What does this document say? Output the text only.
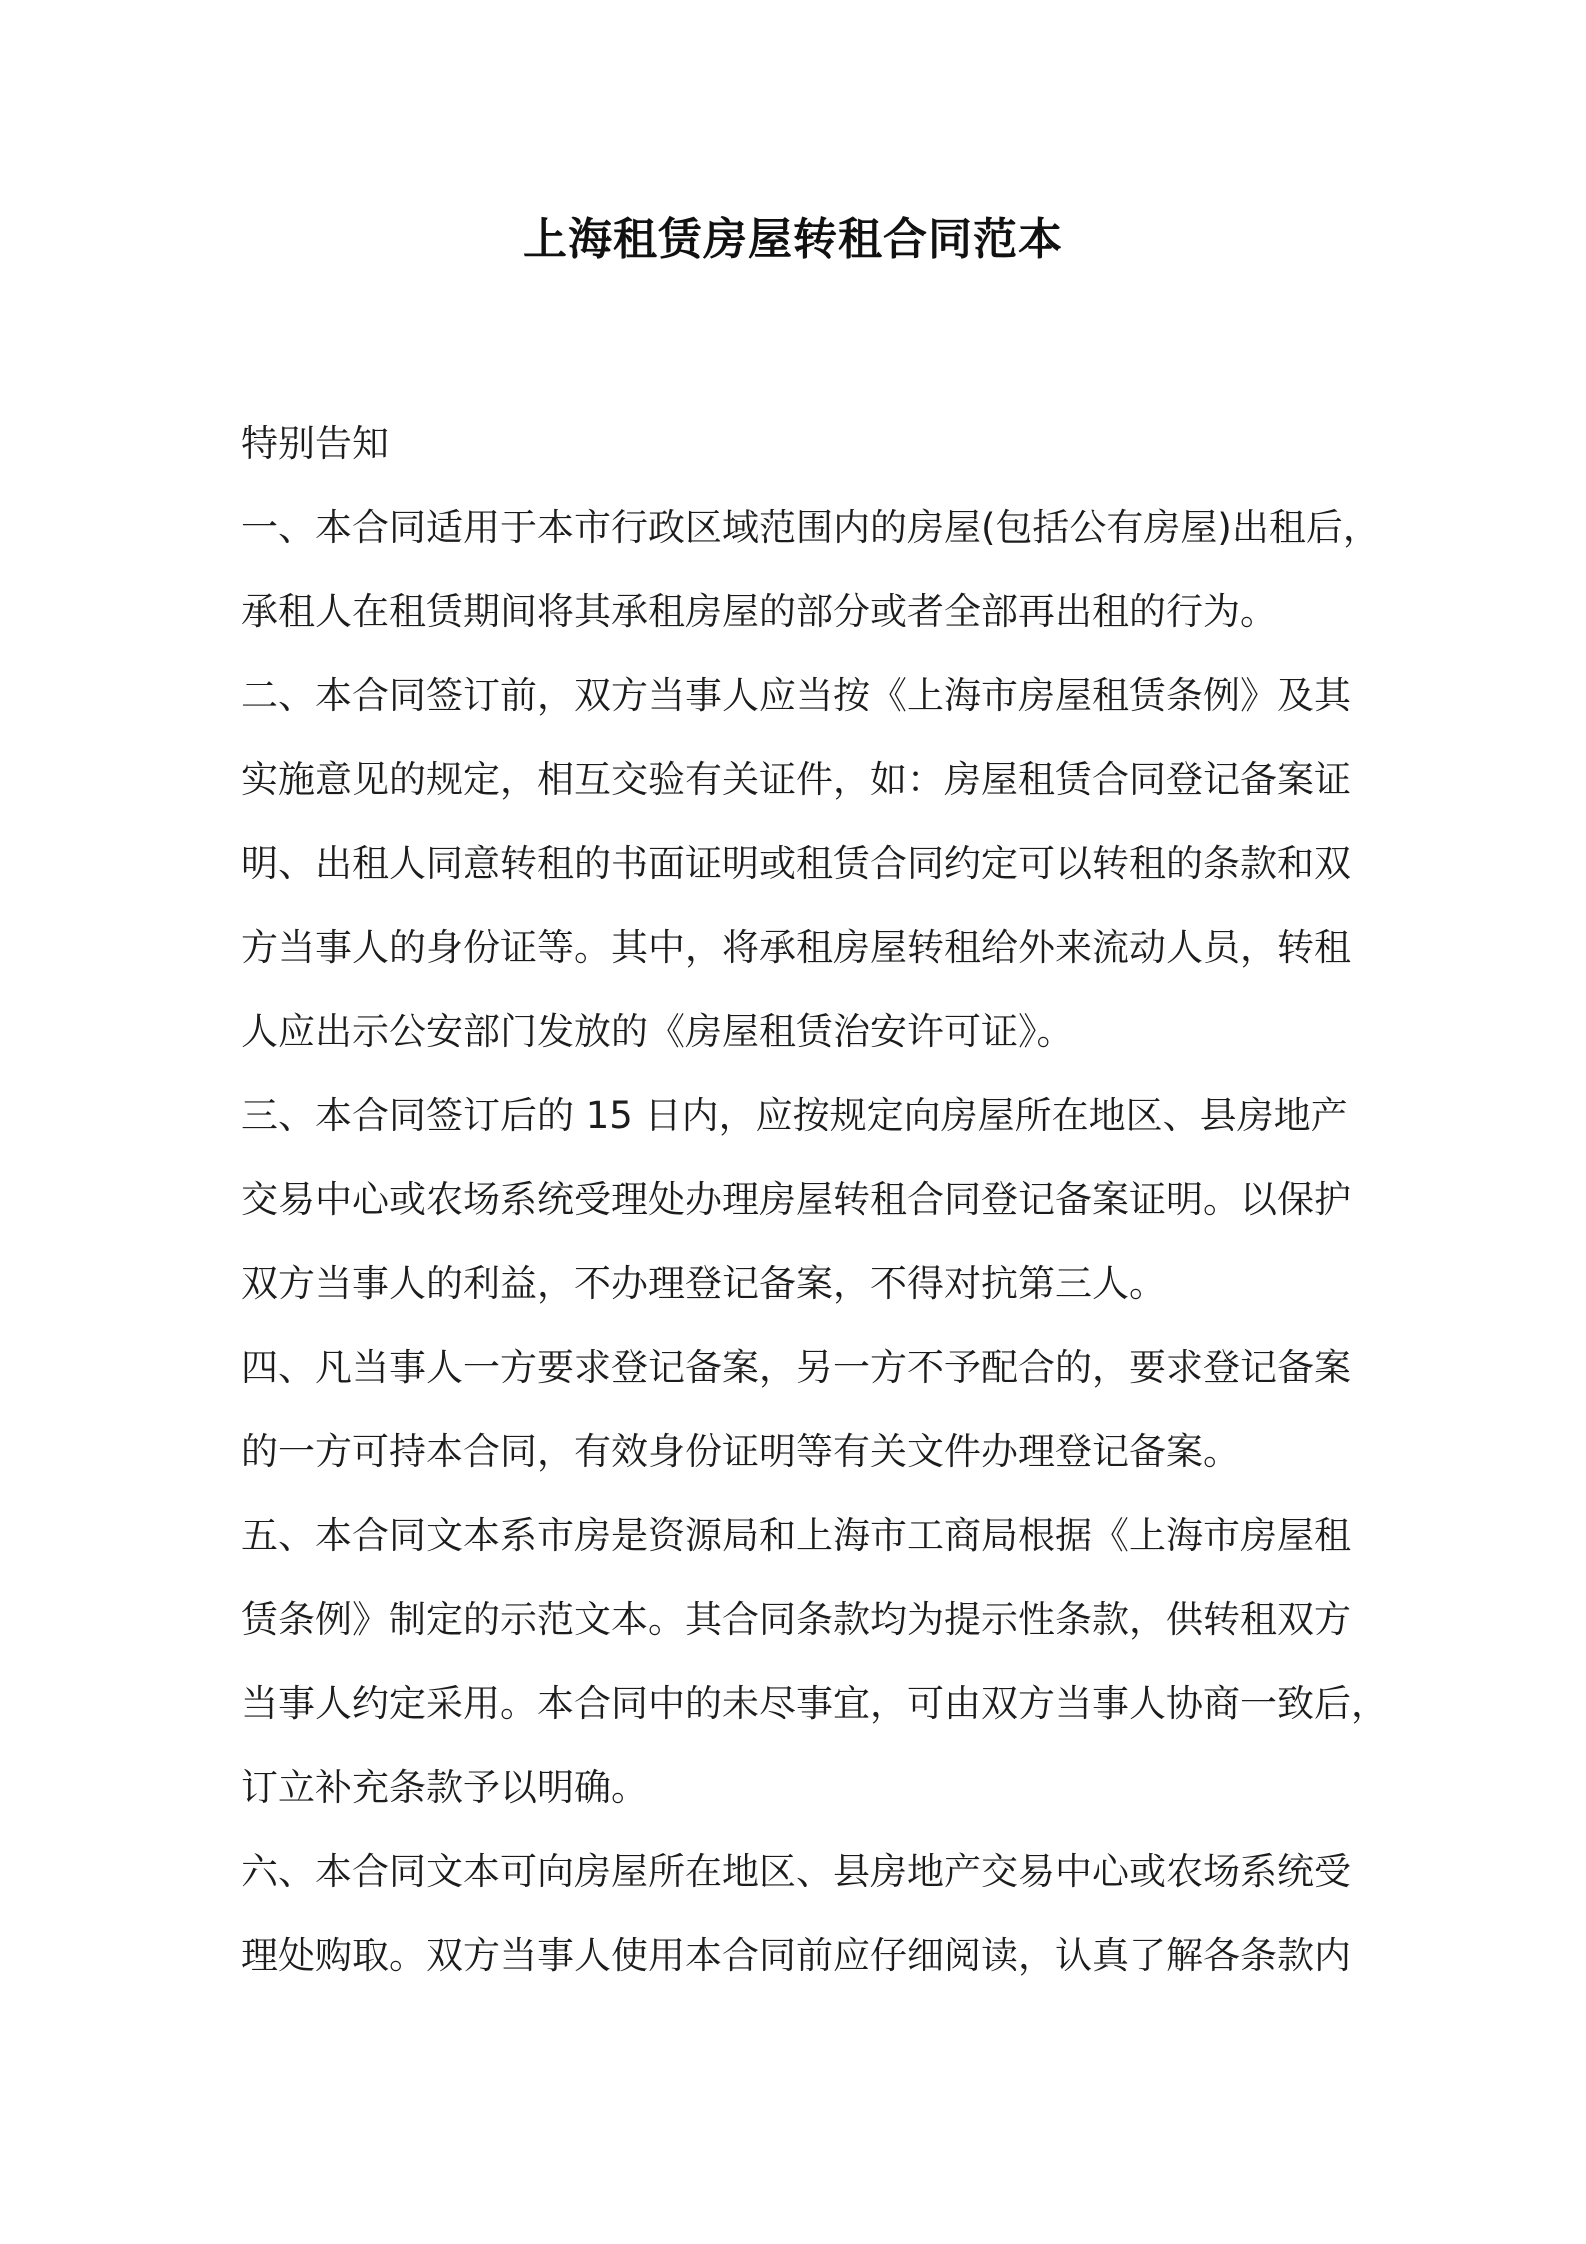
上海租赁房屋转租合同范本
特别告知
一、本合同适用于本市行政区域范围内的房屋(包括公有房屋)出租后，
承租人在租赁期间将其承租房屋的部分或者全部再出租的行为。
二、本合同签订前，双方当事人应当按《上海市房屋租赁条例》及其
实施意见的规定，相互交验有关证件，如：房屋租赁合同登记备案证
明、出租人同意转租的书面证明或租赁合同约定可以转租的条款和双
方当事人的身份证等。其中，将承租房屋转租给外来流动人员，转租
人应出示公安部门发放的《房屋租赁治安许可证》。
三、本合同签订后的 15 日内，应按规定向房屋所在地区、县房地产
交易中心或农场系统受理处办理房屋转租合同登记备案证明。以保护
双方当事人的利益，不办理登记备案，不得对抗第三人。
四、凡当事人一方要求登记备案，另一方不予配合的，要求登记备案
的一方可持本合同，有效身份证明等有关文件办理登记备案。
五、本合同文本系市房是资源局和上海市工商局根据《上海市房屋租
赁条例》制定的示范文本。其合同条款均为提示性条款，供转租双方
当事人约定采用。本合同中的未尽事宜，可由双方当事人协商一致后，
订立补充条款予以明确。
六、本合同文本可向房屋所在地区、县房地产交易中心或农场系统受
理处购取。双方当事人使用本合同前应仔细阅读，认真了解各条款内
